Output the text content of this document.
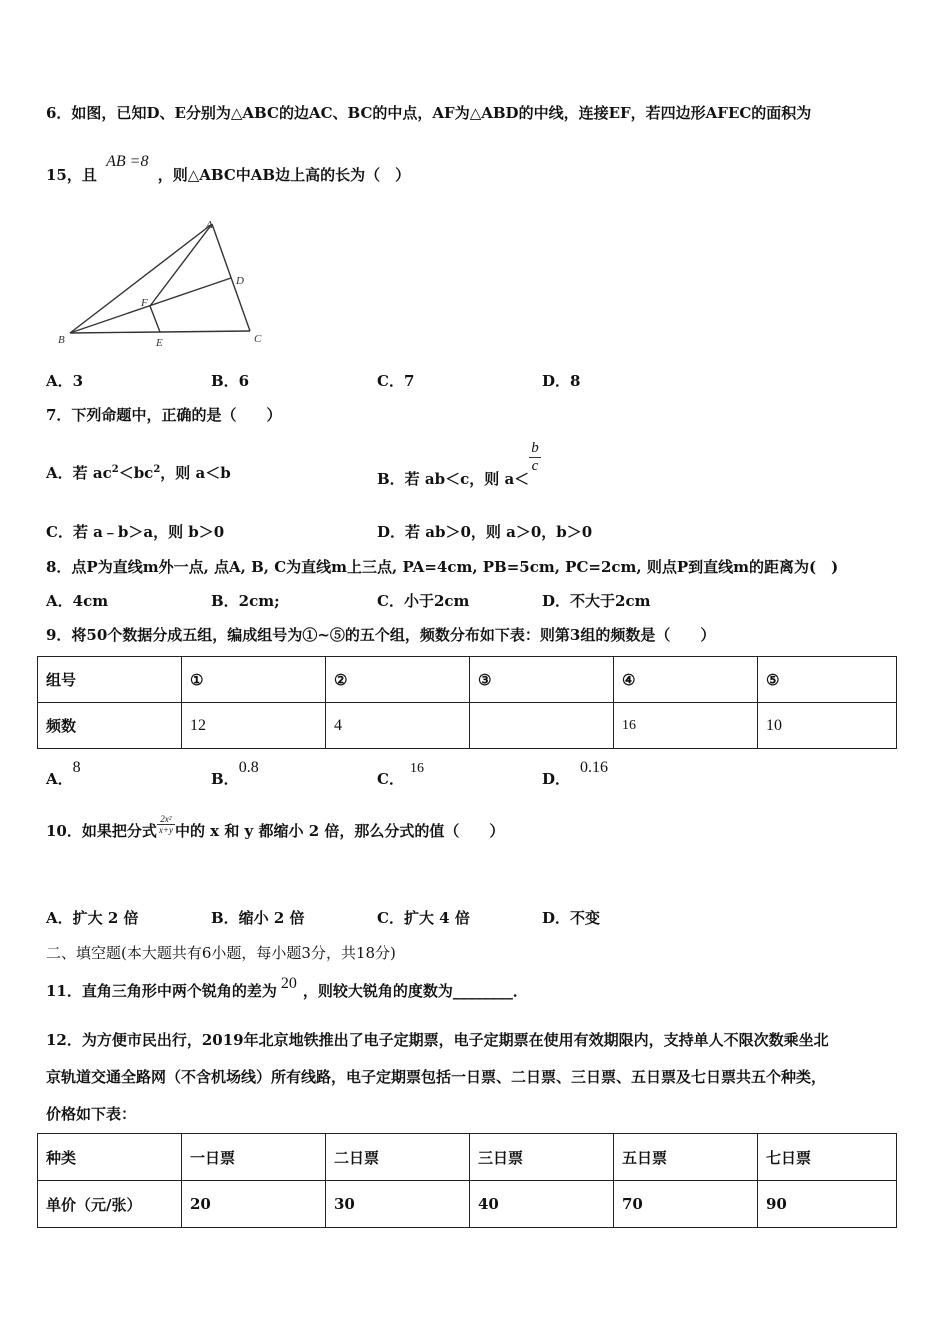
6．如图，已知D、E分别为△ABC的边AC、BC的中点，AF为△ABD的中线，连接EF，若四边形AFEC的面积为
15，且 AB =8 ，则△ABC中AB边上高的长为（　）
A
B	C
D
E
F
A．3	B．6	C．7	D．8
7．下列命题中，正确的是（　　）
A．若 $ac^2<bc^2$，则 a＜b	B．若 ab＜c，则 a＜
$\frac{b}{c}$
C．若 a﹣b＞a，则 b＞0	D．若 ab＞0，则 a＞0，b＞0
8．点P为直线m外一点, 点A, B, C为直线m上三点, PA=4cm, PB=5cm, PC=2cm, 则点P到直线m的距离为(　)
A．4cm	B．2cm;	C．小于2cm	D．不大于2cm
9．将50个数据分成五组，编成组号为①~⑤的五个组，频数分布如下表：则第3组的频数是（　　）
组号	①	②	③	④	⑤
频数	12	4		16	10
A．8
B．0.8
C．16
D．0.16
10．如果把分式 $\frac{\text{2x²}}{x+y}$ 中的 x 和 y 都缩小 2 倍，那么分式的值（　　）
A．扩大 2 倍	B．缩小 2 倍	C．扩大 4 倍	D．不变
二、填空题(本大题共有6小题，每小题3分，共18分)
11．直角三角形中两个锐角的差为 20 ，则较大锐角的度数为________．
12．为方便市民出行，2019年北京地铁推出了电子定期票，电子定期票在使用有效期限内，支持单人不限次数乘坐北
京轨道交通全路网（不含机场线）所有线路，电子定期票包括一日票、二日票、三日票、五日票及七日票共五个种类，
价格如下表：
种类	一日票	二日票	三日票	五日票	七日票
单价（元/张）	20	30	40	70	90
